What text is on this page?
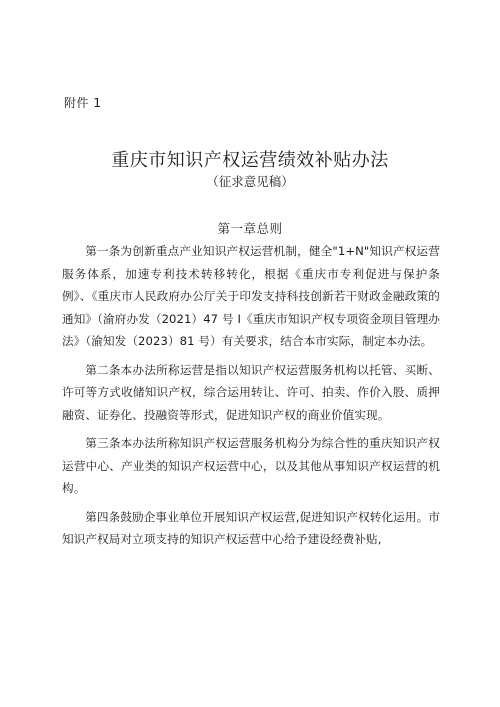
附件 1
重庆市知识产权运营绩效补贴办法
（征求意见稿）
第一章总则

第一条为创新重点产业知识产权运营机制，健全"1+N"知识产权运营服务体系，加速专利技术转移转化，根据《重庆市专利促进与保护条例》、《重庆市人民政府办公厅关于印发支持科技创新若干财政金融政策的通知》（渝府办发（2021）47 号 I《重庆市知识产权专项资金项目管理办法》（渝知发（2023）81 号）有关要求，结合本市实际，制定本办法。

第二条本办法所称运营是指以知识产权运营服务机构以托管、买断、许可等方式收储知识产权，综合运用转让、许可、拍卖、作价入股、质押融资、证券化、投融资等形式，促进知识产权的商业价值实现。

第三条本办法所称知识产权运营服务机构分为综合性的重庆知识产权运营中心、产业类的知识产权运营中心，以及其他从事知识产权运营的机构。

第四条鼓励企事业单位开展知识产权运营,促进知识产权转化运用。市知识产权局对立项支持的知识产权运营中心给予建设经费补贴,
